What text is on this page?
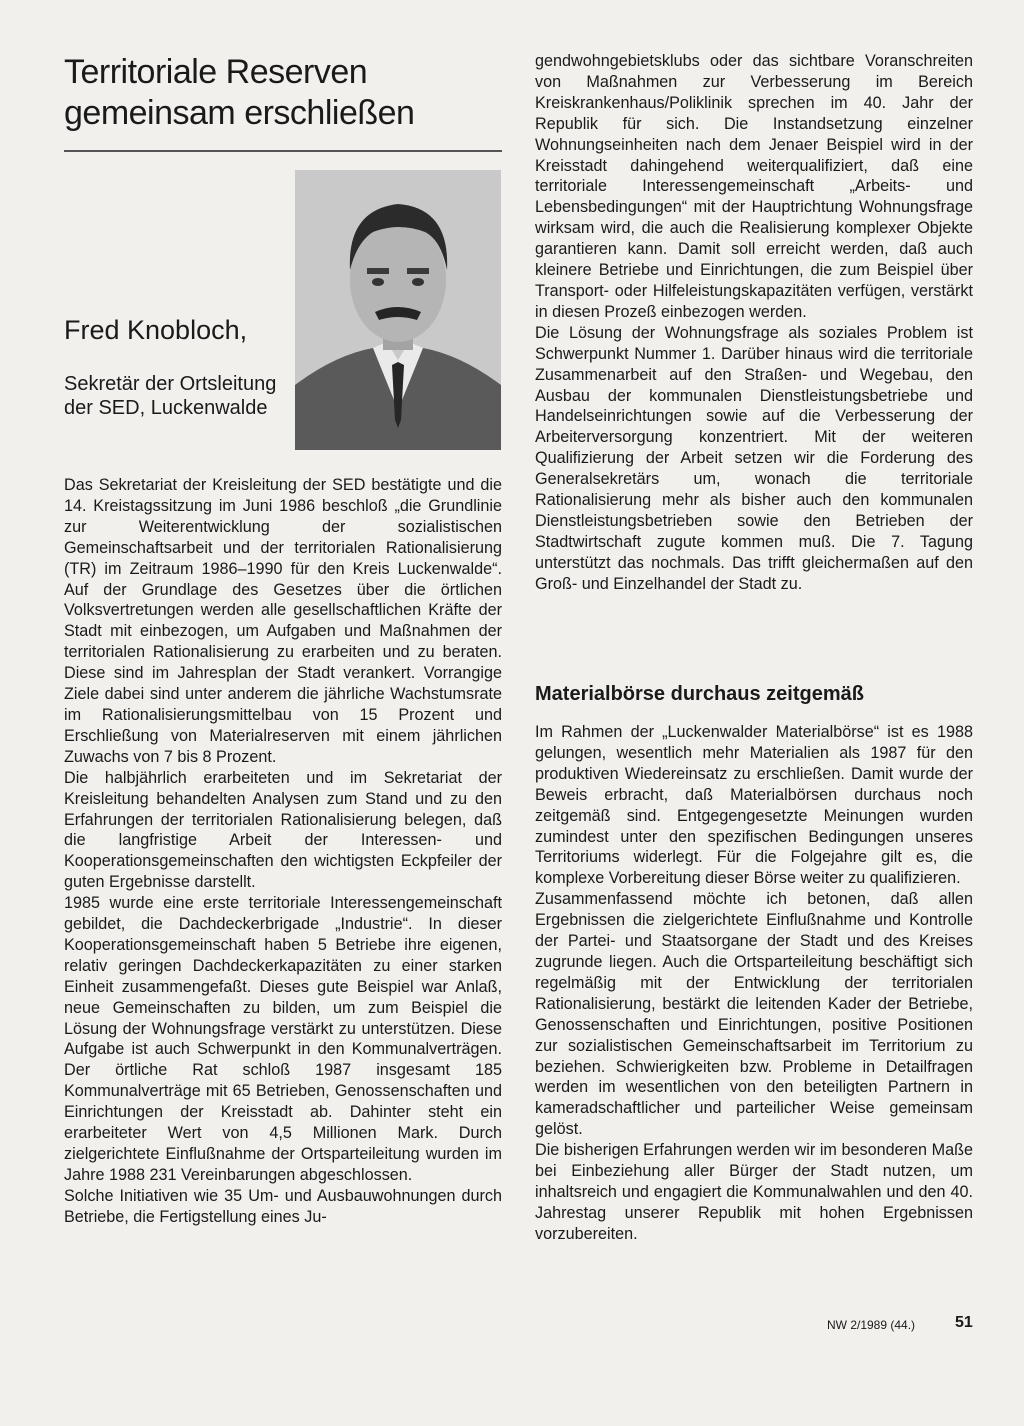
Territoriale Reserven gemeinsam erschließen
Fred Knobloch,
Sekretär der Ortsleitung der SED, Luckenwalde

Das Sekretariat der Kreisleitung der SED bestätigte und die 14. Kreistagssitzung im Juni 1986 beschloß „die Grundlinie zur Weiterentwicklung der sozialistischen Gemeinschaftsarbeit und der territorialen Rationalisierung (TR) im Zeitraum 1986–1990 für den Kreis Luckenwalde“. Auf der Grundlage des Gesetzes über die örtlichen Volksvertretungen werden alle gesellschaftlichen Kräfte der Stadt mit einbezogen, um Aufgaben und Maßnahmen der territorialen Rationalisierung zu erarbeiten und zu beraten. Diese sind im Jahresplan der Stadt verankert. Vorrangige Ziele dabei sind unter anderem die jährliche Wachstumsrate im Rationalisierungsmittelbau von 15 Prozent und Erschließung von Materialreserven mit einem jährlichen Zuwachs von 7 bis 8 Prozent.

Die halbjährlich erarbeiteten und im Sekretariat der Kreisleitung behandelten Analysen zum Stand und zu den Erfahrungen der territorialen Rationalisierung belegen, daß die langfristige Arbeit der Interessen- und Kooperationsgemeinschaften den wichtigsten Eckpfeiler der guten Ergebnisse darstellt.

1985 wurde eine erste territoriale Interessengemeinschaft gebildet, die Dachdeckerbrigade „Industrie“. In dieser Kooperationsgemeinschaft haben 5 Betriebe ihre eigenen, relativ geringen Dachdeckerkapazitäten zu einer starken Einheit zusammengefaßt. Dieses gute Beispiel war Anlaß, neue Gemeinschaften zu bilden, um zum Beispiel die Lösung der Wohnungsfrage verstärkt zu unterstützen. Diese Aufgabe ist auch Schwerpunkt in den Kommunalverträgen. Der örtliche Rat schloß 1987 insgesamt 185 Kommunalverträge mit 65 Betrieben, Genossenschaften und Einrichtungen der Kreisstadt ab. Dahinter steht ein erarbeiteter Wert von 4,5 Millionen Mark. Durch zielgerichtete Einflußnahme der Ortsparteileitung wurden im Jahre 1988 231 Vereinbarungen abgeschlossen.

Solche Initiativen wie 35 Um- und Ausbauwohnungen durch Betriebe, die Fertigstellung eines Ju-

gendwohngebietsklubs oder das sichtbare Voranschreiten von Maßnahmen zur Verbesserung im Bereich Kreiskrankenhaus/Poliklinik sprechen im 40. Jahr der Republik für sich. Die Instandsetzung einzelner Wohnungseinheiten nach dem Jenaer Beispiel wird in der Kreisstadt dahingehend weiterqualifiziert, daß eine territoriale Interessengemeinschaft „Arbeits- und Lebensbedingungen“ mit der Hauptrichtung Wohnungsfrage wirksam wird, die auch die Realisierung komplexer Objekte garantieren kann. Damit soll erreicht werden, daß auch kleinere Betriebe und Einrichtungen, die zum Beispiel über Transport- oder Hilfeleistungskapazitäten verfügen, verstärkt in diesen Prozeß einbezogen werden.

Die Lösung der Wohnungsfrage als soziales Problem ist Schwerpunkt Nummer 1. Darüber hinaus wird die territoriale Zusammenarbeit auf den Straßen- und Wegebau, den Ausbau der kommunalen Dienstleistungsbetriebe und Handelseinrichtungen sowie auf die Verbesserung der Arbeiterversorgung konzentriert. Mit der weiteren Qualifizierung der Arbeit setzen wir die Forderung des Generalsekretärs um, wonach die territoriale Rationalisierung mehr als bisher auch den kommunalen Dienstleistungsbetrieben sowie den Betrieben der Stadtwirtschaft zugute kommen muß. Die 7. Tagung unterstützt das nochmals. Das trifft gleichermaßen auf den Groß- und Einzelhandel der Stadt zu.

Materialbörse durchaus zeitgemäß

Im Rahmen der „Luckenwalder Materialbörse“ ist es 1988 gelungen, wesentlich mehr Materialien als 1987 für den produktiven Wiedereinsatz zu erschließen. Damit wurde der Beweis erbracht, daß Materialbörsen durchaus noch zeitgemäß sind. Entgegengesetzte Meinungen wurden zumindest unter den spezifischen Bedingungen unseres Territoriums widerlegt. Für die Folgejahre gilt es, die komplexe Vorbereitung dieser Börse weiter zu qualifizieren.

Zusammenfassend möchte ich betonen, daß allen Ergebnissen die zielgerichtete Einflußnahme und Kontrolle der Partei- und Staatsorgane der Stadt und des Kreises zugrunde liegen. Auch die Ortsparteileitung beschäftigt sich regelmäßig mit der Entwicklung der territorialen Rationalisierung, bestärkt die leitenden Kader der Betriebe, Genossenschaften und Einrichtungen, positive Positionen zur sozialistischen Gemeinschaftsarbeit im Territorium zu beziehen. Schwierigkeiten bzw. Probleme in Detailfragen werden im wesentlichen von den beteiligten Partnern in kameradschaftlicher und parteilicher Weise gemeinsam gelöst.

Die bisherigen Erfahrungen werden wir im besonderen Maße bei Einbeziehung aller Bürger der Stadt nutzen, um inhaltsreich und engagiert die Kommunalwahlen und den 40. Jahrestag unserer Republik mit hohen Ergebnissen vorzubereiten.

NW 2/1989 (44.) 51
